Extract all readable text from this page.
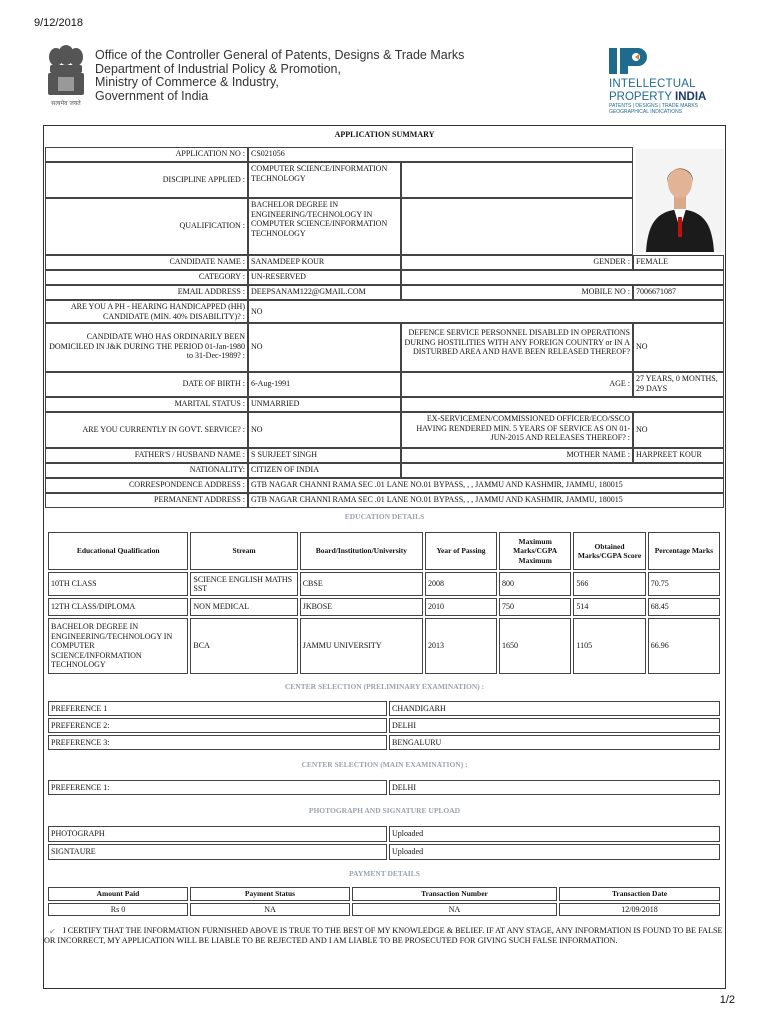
9/12/2018
सत्यमेव जयते
Office of the Controller General of Patents, Designs & Trade Marks
Department of Industrial Policy & Promotion,
Ministry of Commerce & Industry,
Government of India
INTELLECTUAL
PROPERTY INDIA
PATENTS | DESIGNS | TRADE MARKS
GEOGRAPHICAL INDICATIONS
APPLICATION SUMMARY
APPLICATION NO : CS021056
DISCIPLINE APPLIED :
COMPUTER SCIENCE/INFORMATION TECHNOLOGY
QUALIFICATION :
BACHELOR DEGREE IN ENGINEERING/TECHNOLOGY IN COMPUTER SCIENCE/INFORMATION TECHNOLOGY
CANDIDATE NAME : SANAMDEEP KOUR	GENDER : FEMALE
CATEGORY : UN-RESERVED
EMAIL ADDRESS : DEEPSANAM122@GMAIL.COM	MOBILE NO : 7006671087
ARE YOU A PH - HEARING HANDICAPPED (HH) CANDIDATE (MIN. 40% DISABILITY)? : NO
CANDIDATE WHO HAS ORDINARILY BEEN DOMICILED IN J&K DURING THE PERIOD 01-Jan-1980 to 31-Dec-1989? :
NO
DEFENCE SERVICE PERSONNEL DISABLED IN OPERATIONS DURING HOSTILITIES WITH ANY FOREIGN COUNTRY or IN A DISTURBED AREA AND HAVE BEEN RELEASED THEREOF?
NO
DATE OF BIRTH : 6-Aug-1991	AGE :
27 YEARS, 0 MONTHS, 29 DAYS
MARITAL STATUS : UNMARRIED
ARE YOU CURRENTLY IN GOVT. SERVICE? : NO
EX-SERVICEMEN/COMMISSIONED OFFICER/ECO/SSCO HAVING RENDERED MIN. 5 YEARS OF SERVICE AS ON 01-JUN-2015 AND RELEASES THEREOF? :
NO
FATHER'S / HUSBAND NAME : S SURJEET SINGH	MOTHER NAME : HARPREET KOUR
NATIONALITY: CITIZEN OF INDIA
CORRESPONDENCE ADDRESS : GTB NAGAR CHANNI RAMA SEC .01 LANE NO.01 BYPASS, , , JAMMU AND KASHMIR, JAMMU, 180015
PERMANENT ADDRESS : GTB NAGAR CHANNI RAMA SEC .01 LANE NO.01 BYPASS, , , JAMMU AND KASHMIR, JAMMU, 180015
EDUCATION DETAILS
Educational Qualification	Stream	Board/Institution/University	Year of Passing	Maximum Marks/CGPA Maximum	Obtained Marks/CGPA Score	Percentage Marks
10TH CLASS	SCIENCE ENGLISH MATHS SST	CBSE	2008	800	566	70.75
12TH CLASS/DIPLOMA	NON MEDICAL	JKBOSE	2010	750	514	68.45
BACHELOR DEGREE IN ENGINEERING/TECHNOLOGY IN COMPUTER SCIENCE/INFORMATION TECHNOLOGY	BCA	JAMMU UNIVERSITY	2013	1650	1105	66.96
CENTER SELECTION (PRELIMINARY EXAMINATION) :
PREFERENCE 1	CHANDIGARH
PREFERENCE 2:	DELHI
PREFERENCE 3:	BENGALURU
CENTER SELECTION (MAIN EXAMINATION) :
PREFERENCE 1:	DELHI
PHOTOGRAPH AND SIGNATURE UPLOAD
PHOTOGRAPH	Uploaded
SIGNTAURE	Uploaded
PAYMENT DETAILS
Amount Paid	Payment Status	Transaction Number	Transaction Date
Rs 0	NA	NA	12/09/2018
✔ I CERTIFY THAT THE INFORMATION FURNISHED ABOVE IS TRUE TO THE BEST OF MY KNOWLEDGE & BELIEF. IF AT ANY STAGE, ANY INFORMATION IS FOUND TO BE FALSE OR INCORRECT, MY APPLICATION WILL BE LIABLE TO BE REJECTED AND I AM LIABLE TO BE PROSECUTED FOR GIVING SUCH FALSE INFORMATION.
1/2
